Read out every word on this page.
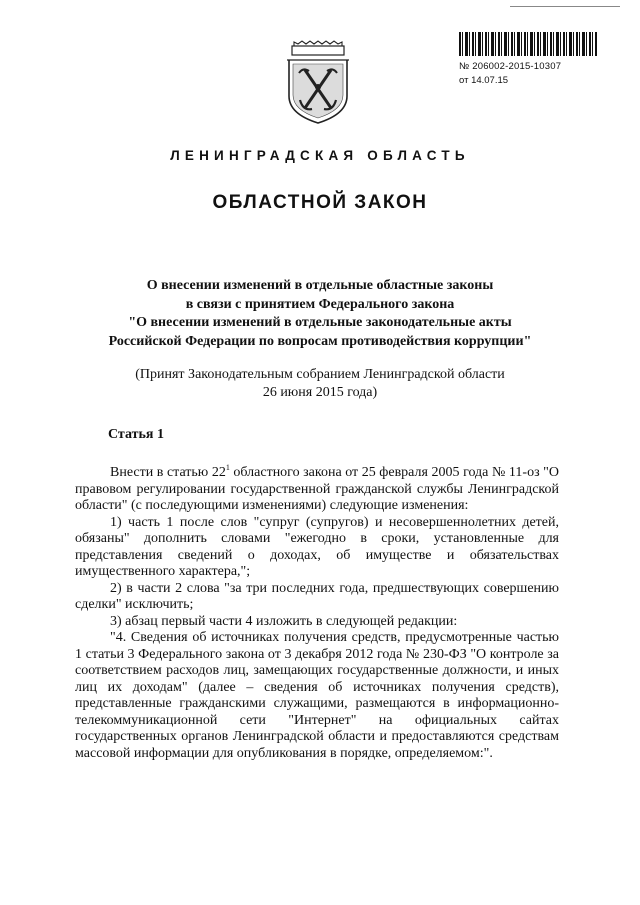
№ 206002-2015-10307
от 14.07.15
ЛЕНИНГРАДСКАЯ ОБЛАСТЬ
ОБЛАСТНОЙ ЗАКОН
О внесении изменений в отдельные областные законы
в связи с принятием Федерального закона
"О внесении изменений в отдельные законодательные акты
Российской Федерации по вопросам противодействия коррупции"
(Принят Законодательным собранием Ленинградской области
26 июня 2015 года)
Статья 1

Внести в статью $22^1$ областного закона от 25 февраля 2005 года № 11-оз "О правовом регулировании государственной гражданской службы Ленинградской области" (с последующими изменениями) следующие изменения:

1) часть 1 после слов "супруг (супругов) и несовершеннолетних детей, обязаны" дополнить словами "ежегодно в сроки, установленные для представления сведений о доходах, об имуществе и обязательствах имущественного характера,";

2) в части 2 слова "за три последних года, предшествующих совершению сделки" исключить;

3) абзац первый части 4 изложить в следующей редакции:

"4. Сведения об источниках получения средств, предусмотренные частью 1 статьи 3 Федерального закона от 3 декабря 2012 года № 230-ФЗ "О контроле за соответствием расходов лиц, замещающих государственные должности, и иных лиц их доходам" (далее – сведения об источниках получения средств), представленные гражданскими служащими, размещаются в информационно-телекоммуникационной сети "Интернет" на официальных сайтах государственных органов Ленинградской области и предоставляются средствам массовой информации для опубликования в порядке, определяемом:".
